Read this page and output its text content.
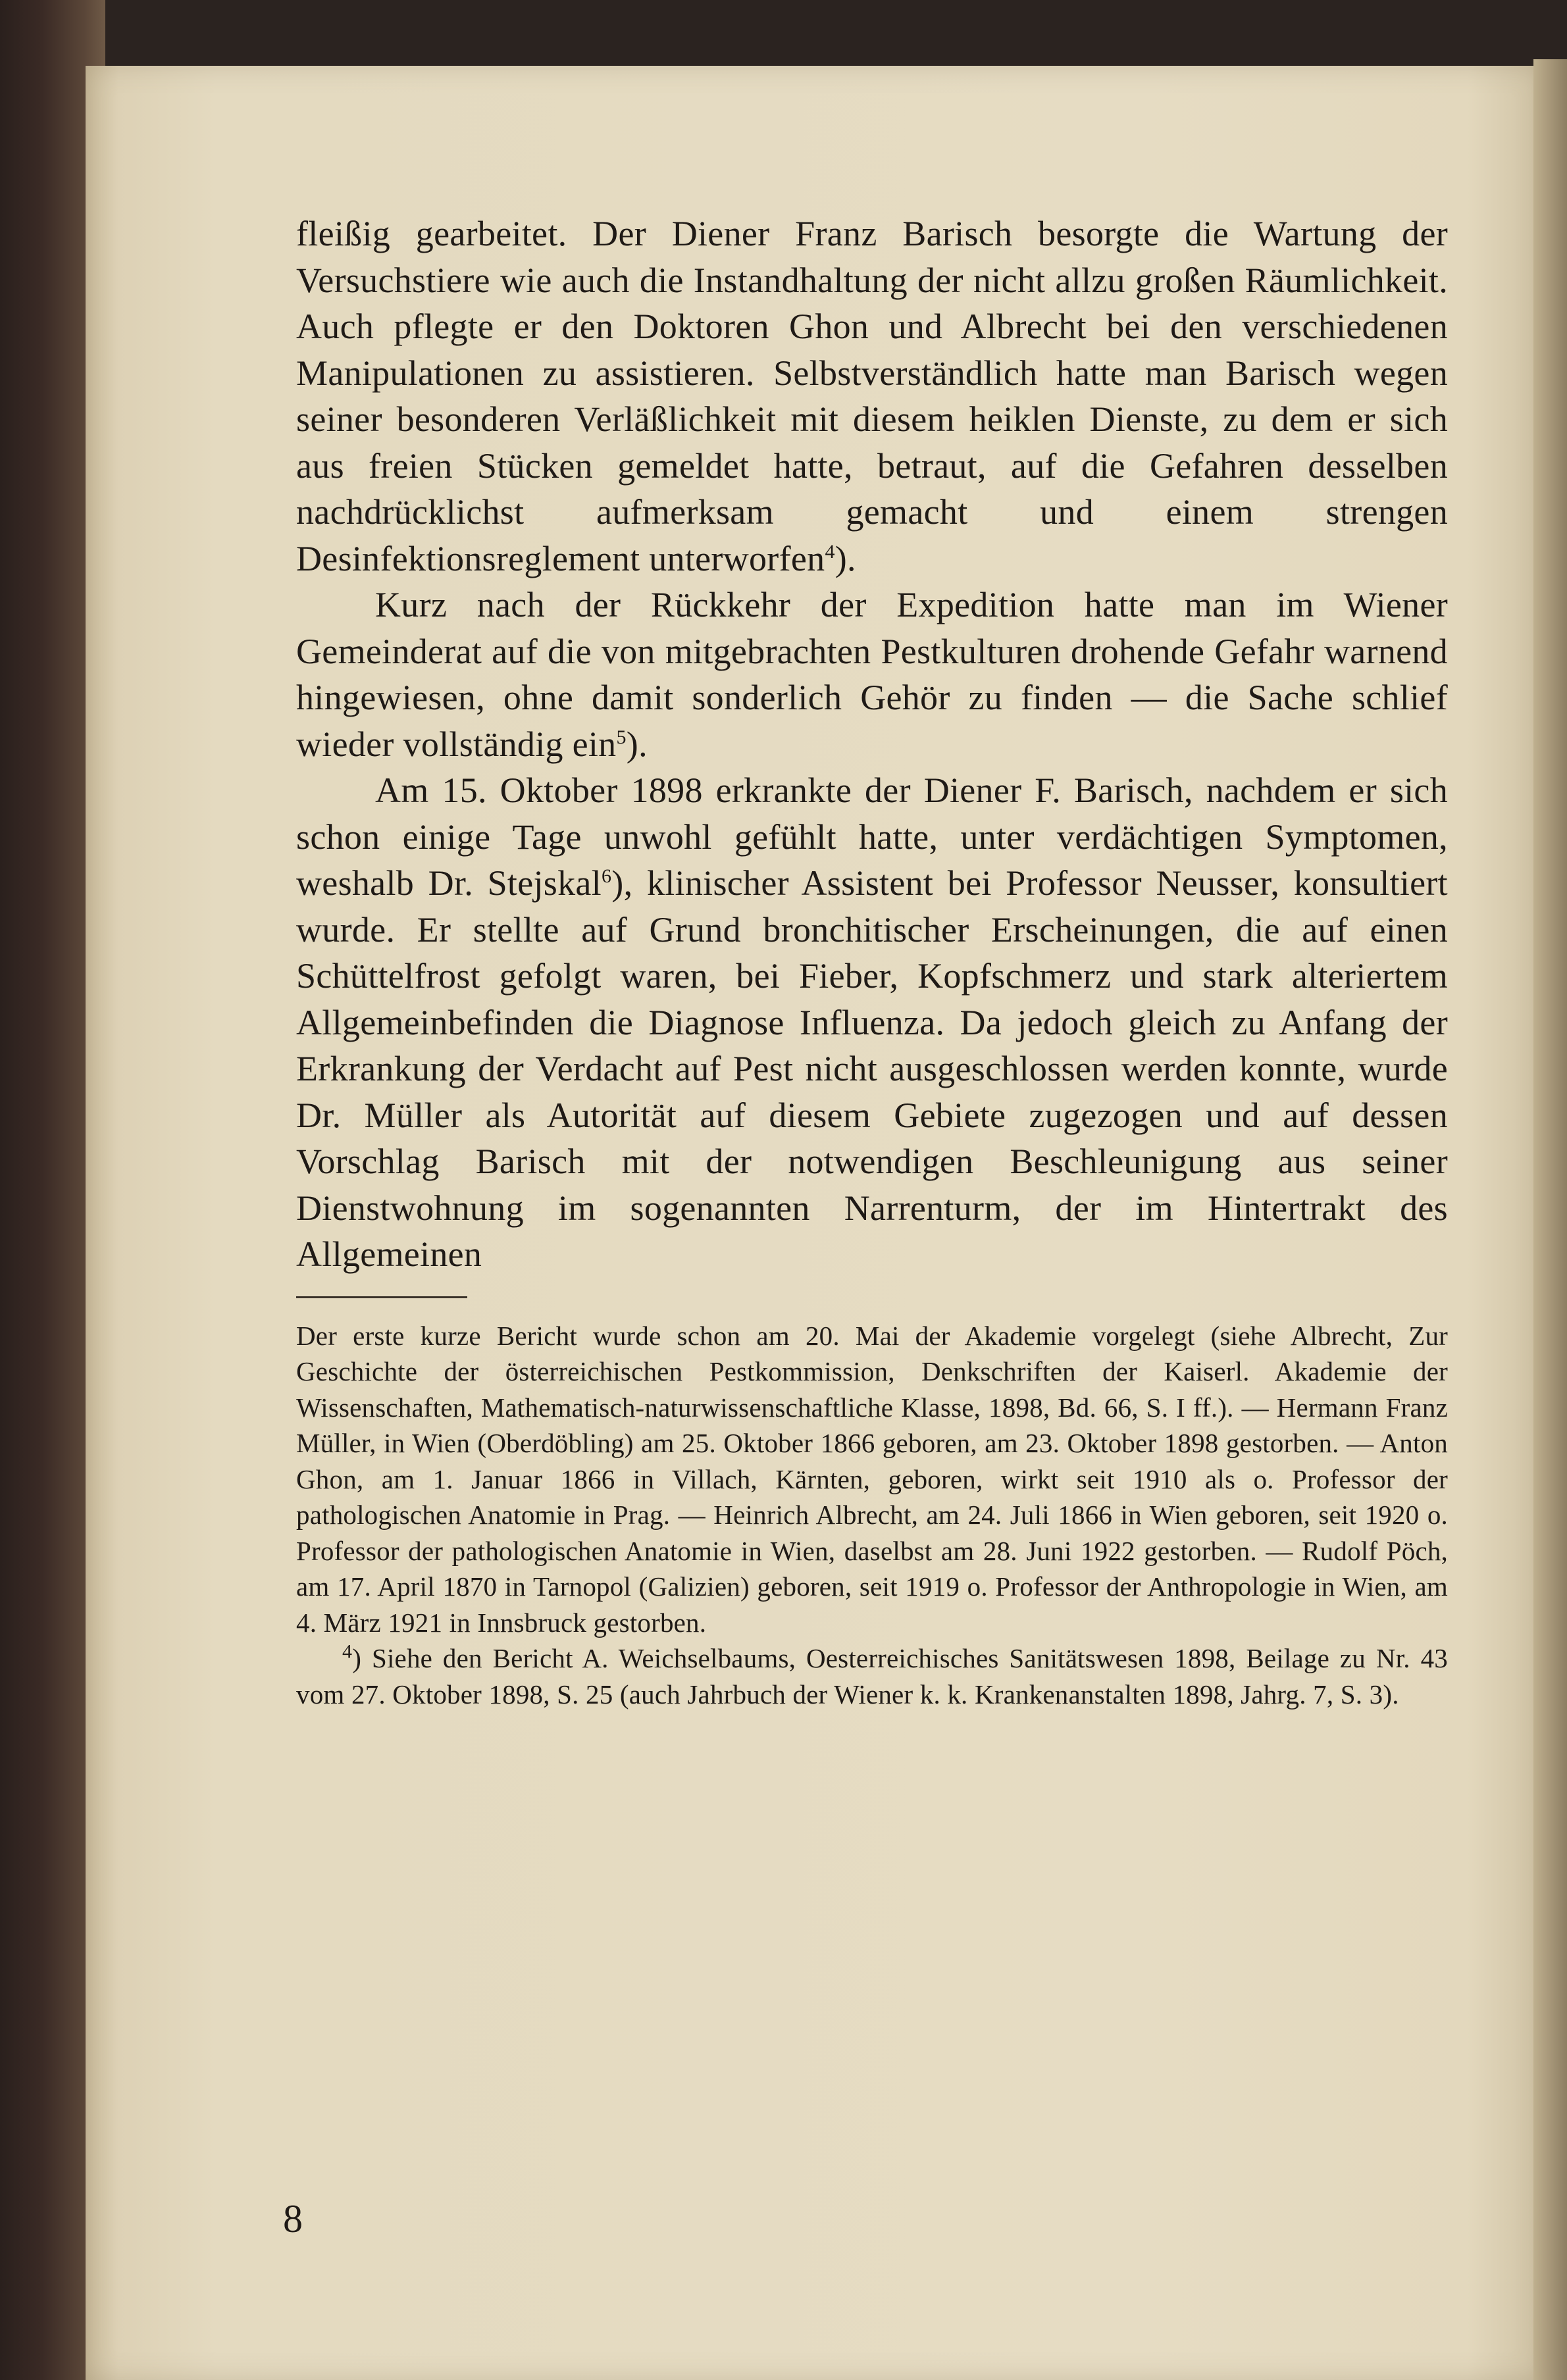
fleißig gearbeitet. Der Diener Franz Barisch besorgte die Wartung der Versuchstiere wie auch die Instandhaltung der nicht allzu großen Räumlichkeit. Auch pflegte er den Doktoren Ghon und Albrecht bei den verschiedenen Manipulationen zu assistieren. Selbstverständlich hatte man Barisch wegen seiner besonderen Verläßlichkeit mit diesem heiklen Dienste, zu dem er sich aus freien Stücken gemeldet hatte, betraut, auf die Gefahren desselben nachdrücklichst aufmerksam gemacht und einem strengen Desinfektionsreglement unterworfen$^4$).

Kurz nach der Rückkehr der Expedition hatte man im Wiener Gemeinderat auf die von mitgebrachten Pestkulturen drohende Gefahr warnend hingewiesen, ohne damit sonderlich Gehör zu finden — die Sache schlief wieder vollständig ein$^5$).

Am 15. Oktober 1898 erkrankte der Diener F. Barisch, nachdem er sich schon einige Tage unwohl gefühlt hatte, unter verdächtigen Symptomen, weshalb Dr. Stejskal$^6$), klinischer Assistent bei Professor Neusser, konsultiert wurde. Er stellte auf Grund bronchitischer Erscheinungen, die auf einen Schüttelfrost gefolgt waren, bei Fieber, Kopfschmerz und stark alteriertem Allgemeinbefinden die Diagnose Influenza. Da jedoch gleich zu Anfang der Erkrankung der Verdacht auf Pest nicht ausgeschlossen werden konnte, wurde Dr. Müller als Autorität auf diesem Gebiete zugezogen und auf dessen Vorschlag Barisch mit der notwendigen Beschleunigung aus seiner Dienstwohnung im sogenannten Narrenturm, der im Hintertrakt des Allgemeinen

Der erste kurze Bericht wurde schon am 20. Mai der Akademie vorgelegt (siehe Albrecht, Zur Geschichte der österreichischen Pestkommission, Denkschriften der Kaiserl. Akademie der Wissenschaften, Mathematisch-naturwissenschaftliche Klasse, 1898, Bd. 66, S. I ff.). — Hermann Franz Müller, in Wien (Oberdöbling) am 25. Oktober 1866 geboren, am 23. Oktober 1898 gestorben. — Anton Ghon, am 1. Januar 1866 in Villach, Kärnten, geboren, wirkt seit 1910 als o. Professor der pathologischen Anatomie in Prag. — Heinrich Albrecht, am 24. Juli 1866 in Wien geboren, seit 1920 o. Professor der pathologischen Anatomie in Wien, daselbst am 28. Juni 1922 gestorben. — Rudolf Pöch, am 17. April 1870 in Tarnopol (Galizien) geboren, seit 1919 o. Professor der Anthropologie in Wien, am 4. März 1921 in Innsbruck gestorben.

$^4$) Siehe den Bericht A. Weichselbaums, Oesterreichisches Sanitätswesen 1898, Beilage zu Nr. 43 vom 27. Oktober 1898, S. 25 (auch Jahrbuch der Wiener k. k. Krankenanstalten 1898, Jahrg. 7, S. 3).

8
